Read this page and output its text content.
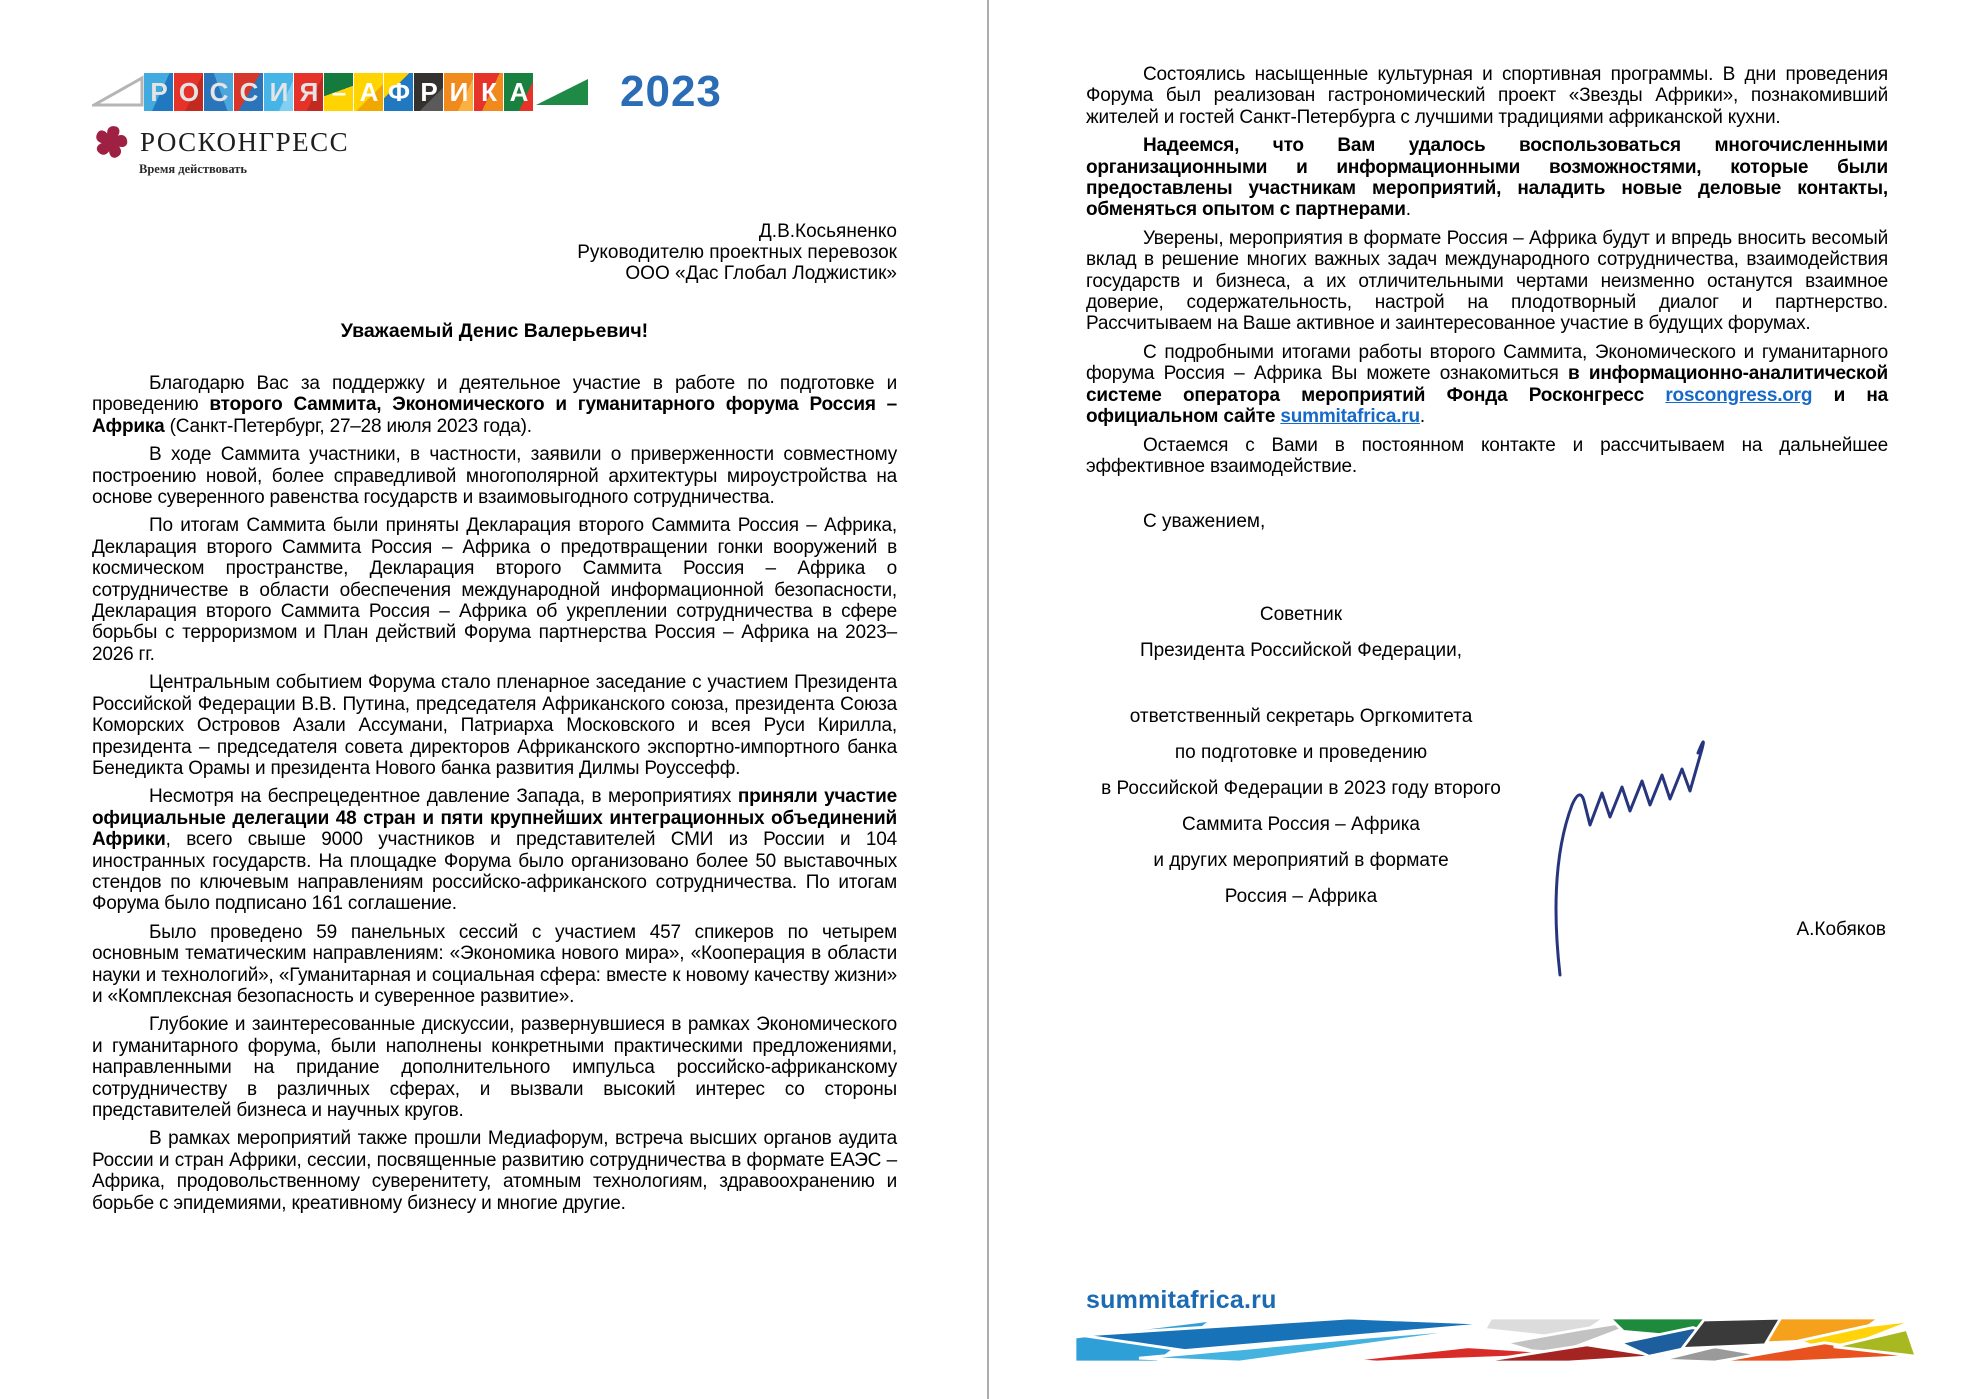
Р О С С И Я – А Ф Р И К А 2023
РОСКОНГРЕСС
Время действовать
Д.В.Косьяненко
Руководителю проектных перевозок
ООО «Дас Глобал Лоджистик»
Уважаемый Денис Валерьевич!

Благодарю Вас за поддержку и деятельное участие в работе по подготовке и проведению второго Саммита, Экономического и гуманитарного форума Россия – Африка (Санкт-Петербург, 27–28 июля 2023 года).

В ходе Саммита участники, в частности, заявили о приверженности совместному построению новой, более справедливой многополярной архитектуры мироустройства на основе суверенного равенства государств и взаимовыгодного сотрудничества.

По итогам Саммита были приняты Декларация второго Саммита Россия – Африка, Декларация второго Саммита Россия – Африка о предотвращении гонки вооружений в космическом пространстве, Декларация второго Саммита Россия – Африка о сотрудничестве в области обеспечения международной информационной безопасности, Декларация второго Саммита Россия – Африка об укреплении сотрудничества в сфере борьбы с терроризмом и План действий Форума партнерства Россия – Африка на 2023–2026 гг.

Центральным событием Форума стало пленарное заседание с участием Президента Российской Федерации В.В. Путина, председателя Африканского союза, президента Союза Коморских Островов Азали Ассумани, Патриарха Московского и всея Руси Кирилла, президента – председателя совета директоров Африканского экспортно-импортного банка Бенедикта Орамы и президента Нового банка развития Дилмы Роуссефф.

Несмотря на беспрецедентное давление Запада, в мероприятиях приняли участие официальные делегации 48 стран и пяти крупнейших интеграционных объединений Африки, всего свыше 9000 участников и представителей СМИ из России и 104 иностранных государств. На площадке Форума было организовано более 50 выставочных стендов по ключевым направлениям российско-африканского сотрудничества. По итогам Форума было подписано 161 соглашение.

Было проведено 59 панельных сессий с участием 457 спикеров по четырем основным тематическим направлениям: «Экономика нового мира», «Кооперация в области науки и технологий», «Гуманитарная и социальная сфера: вместе к новому качеству жизни» и «Комплексная безопасность и суверенное развитие».

Глубокие и заинтересованные дискуссии, развернувшиеся в рамках Экономического и гуманитарного форума, были наполнены конкретными практическими предложениями, направленными на придание дополнительного импульса российско-африканскому сотрудничеству в различных сферах, и вызвали высокий интерес со стороны представителей бизнеса и научных кругов.

В рамках мероприятий также прошли Медиафорум, встреча высших органов аудита России и стран Африки, сессии, посвященные развитию сотрудничества в формате ЕАЭС – Африка, продовольственному суверенитету, атомным технологиям, здравоохранению и борьбе с эпидемиями, креативному бизнесу и многие другие.

Состоялись насыщенные культурная и спортивная программы. В дни проведения Форума был реализован гастрономический проект «Звезды Африки», познакомивший жителей и гостей Санкт-Петербурга с лучшими традициями африканской кухни.

Надеемся, что Вам удалось воспользоваться многочисленными организационными и информационными возможностями, которые были предоставлены участникам мероприятий, наладить новые деловые контакты, обменяться опытом с партнерами.

Уверены, мероприятия в формате Россия – Африка будут и впредь вносить весомый вклад в решение многих важных задач международного сотрудничества, взаимодействия государств и бизнеса, а их отличительными чертами неизменно останутся взаимное доверие, содержательность, настрой на плодотворный диалог и партнерство. Рассчитываем на Ваше активное и заинтересованное участие в будущих форумах.

С подробными итогами работы второго Саммита, Экономического и гуманитарного форума Россия – Африка Вы можете ознакомиться в информационно-аналитической системе оператора мероприятий Фонда Росконгресс roscongress.org и на официальном сайте summitafrica.ru.

Остаемся с Вами в постоянном контакте и рассчитываем на дальнейшее эффективное взаимодействие.

С уважением,
Советник
Президента Российской Федерации,
ответственный секретарь Оргкомитета
по подготовке и проведению
в Российской Федерации в 2023 году второго
Саммита Россия – Африка
и других мероприятий в формате
Россия – Африка
А.Кобяков
summitafrica.ru
